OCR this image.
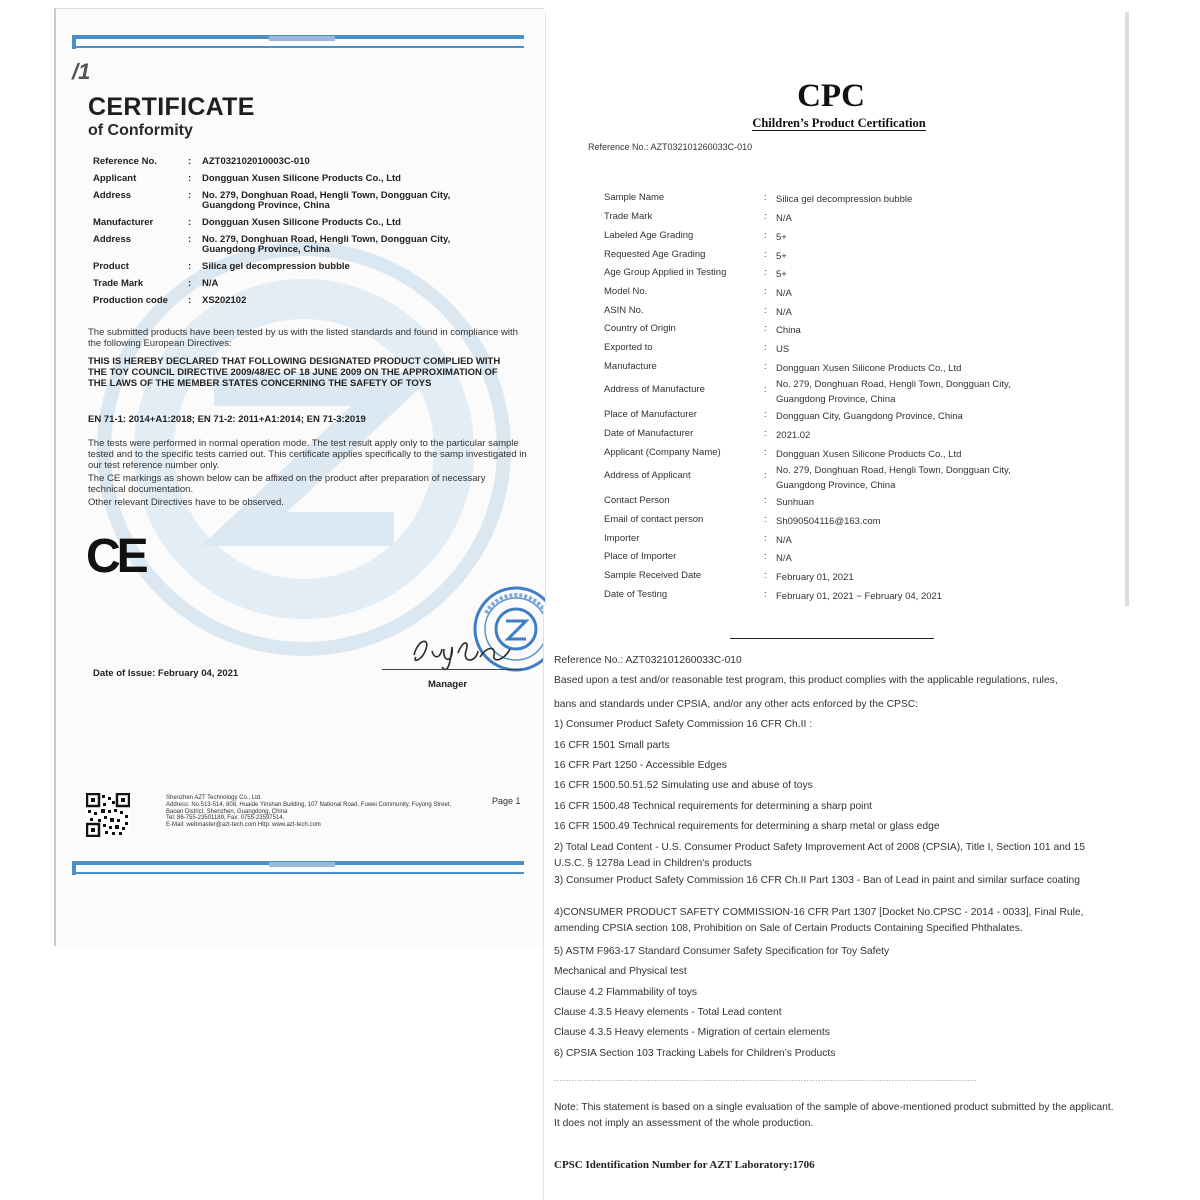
/1
CERTIFICATE
of Conformity
Reference No.	:	AZT032102010003C-010
Applicant	:	Dongguan Xusen Silicone Products Co., Ltd
Address	:	No. 279, Donghuan Road, Hengli Town, Dongguan City,
Guangdong Province, China
Manufacturer	:	Dongguan Xusen Silicone Products Co., Ltd
Address	:	No. 279, Donghuan Road, Hengli Town, Dongguan City,
Guangdong Province, China
Product	:	Silica gel decompression bubble
Trade Mark	:	N/A
Production code	:	XS202102
The submitted products have been tested by us with the listed standards and found in compliance with the following European Directives:
THIS IS HEREBY DECLARED THAT FOLLOWING DESIGNATED PRODUCT COMPLIED WITH THE TOY COUNCIL DIRECTIVE 2009/48/EC OF 18 JUNE 2009 ON THE APPROXIMATION OF THE LAWS OF THE MEMBER STATES CONCERNING THE SAFETY OF TOYS
EN 71-1: 2014+A1:2018; EN 71-2: 2011+A1:2014; EN 71-3:2019
The tests were performed in normal operation mode. The test result apply only to the particular sample tested and to the specific tests carried out. This certificate applies specifically to the samp investigated in our test reference number only.
The CE markings as shown below can be affixed on the product after preparation of necessary technical documentation.
Other relevant Directives have to be observed.
CE
Manager
Date of Issue: February 04, 2021
Shenzhen AZT Technology Co., Ltd.
Address: No.513-514, 808, Huaide Yinshan Building, 107 National Road, Fuwei Community, Fuyong Street, Baoan District, Shenzhen, Guangdong, China
Tel: 86-755-23501189, Fax: 0755-23597514,
E-Mail: webmaster@azt-tech.com Http: www.azt-tech.com
Page 1
CPC
Children’s Product Certification
Reference No.: AZT032101260033C-010
Sample Name	: Silica gel decompression bubble
Trade Mark	: N/A
Labeled Age Grading	: 5+
Requested Age Grading	: 5+
Age Group Applied in Testing	: 5+
Model No.	: N/A
ASIN No.	: N/A
Country of Origin	: China
Exported to	: US
Manufacture	: Dongguan Xusen Silicone Products Co., Ltd
Address of Manufacture	: No. 279, Donghuan Road, Hengli Town, Dongguan City,
Guangdong Province, China
Place of Manufacturer	: Dongguan City, Guangdong Province, China
Date of Manufacturer	: 2021.02
Applicant (Company Name)	: Dongguan Xusen Silicone Products Co., Ltd
Address of Applicant	: No. 279, Donghuan Road, Hengli Town, Dongguan City,
Guangdong Province, China
Contact Person	: Sunhuan
Email of contact person	: Sh090504116@163.com
Importer	: N/A
Place of Importer	: N/A
Sample Received Date	: February 01, 2021
Date of Testing	: February 01, 2021 ~ February 04, 2021
Reference No.: AZT032101260033C-010
Based upon a test and/or reasonable test program, this product complies with the applicable regulations, rules,
bans and standards under CPSIA, and/or any other acts enforced by the CPSC:
1) Consumer Product Safety Commission 16 CFR Ch.II :
16 CFR 1501 Small parts
16 CFR Part 1250 - Accessible Edges
16 CFR 1500.50.51.52 Simulating use and abuse of toys
16 CFR 1500.48 Technical requirements for determining a sharp point
16 CFR 1500.49 Technical requirements for determining a sharp metal or glass edge
2) Total Lead Content - U.S. Consumer Product Safety Improvement Act of 2008 (CPSIA), Title I, Section 101 and 15 U.S.C. § 1278a Lead in Children's products
3) Consumer Product Safety Commission 16 CFR Ch.II Part 1303 - Ban of Lead in paint and similar surface coating
4)CONSUMER PRODUCT SAFETY COMMISSION-16 CFR Part 1307 [Docket No.CPSC - 2014 - 0033], Final Rule, amending CPSIA section 108, Prohibition on Sale of Certain Products Containing Specified Phthalates.
5) ASTM F963-17 Standard Consumer Safety Specification for Toy Safety
Mechanical and Physical test
Clause 4.2 Flammability of toys
Clause 4.3.5 Heavy elements - Total Lead content
Clause 4.3.5 Heavy elements - Migration of certain elements
6) CPSIA Section 103 Tracking Labels for Children’s Products
************************************************************************************************************************************************
Note: This statement is based on a single evaluation of the sample of above-mentioned product submitted by the applicant. It does not imply an assessment of the whole production.
CPSC Identification Number for AZT Laboratory:1706
